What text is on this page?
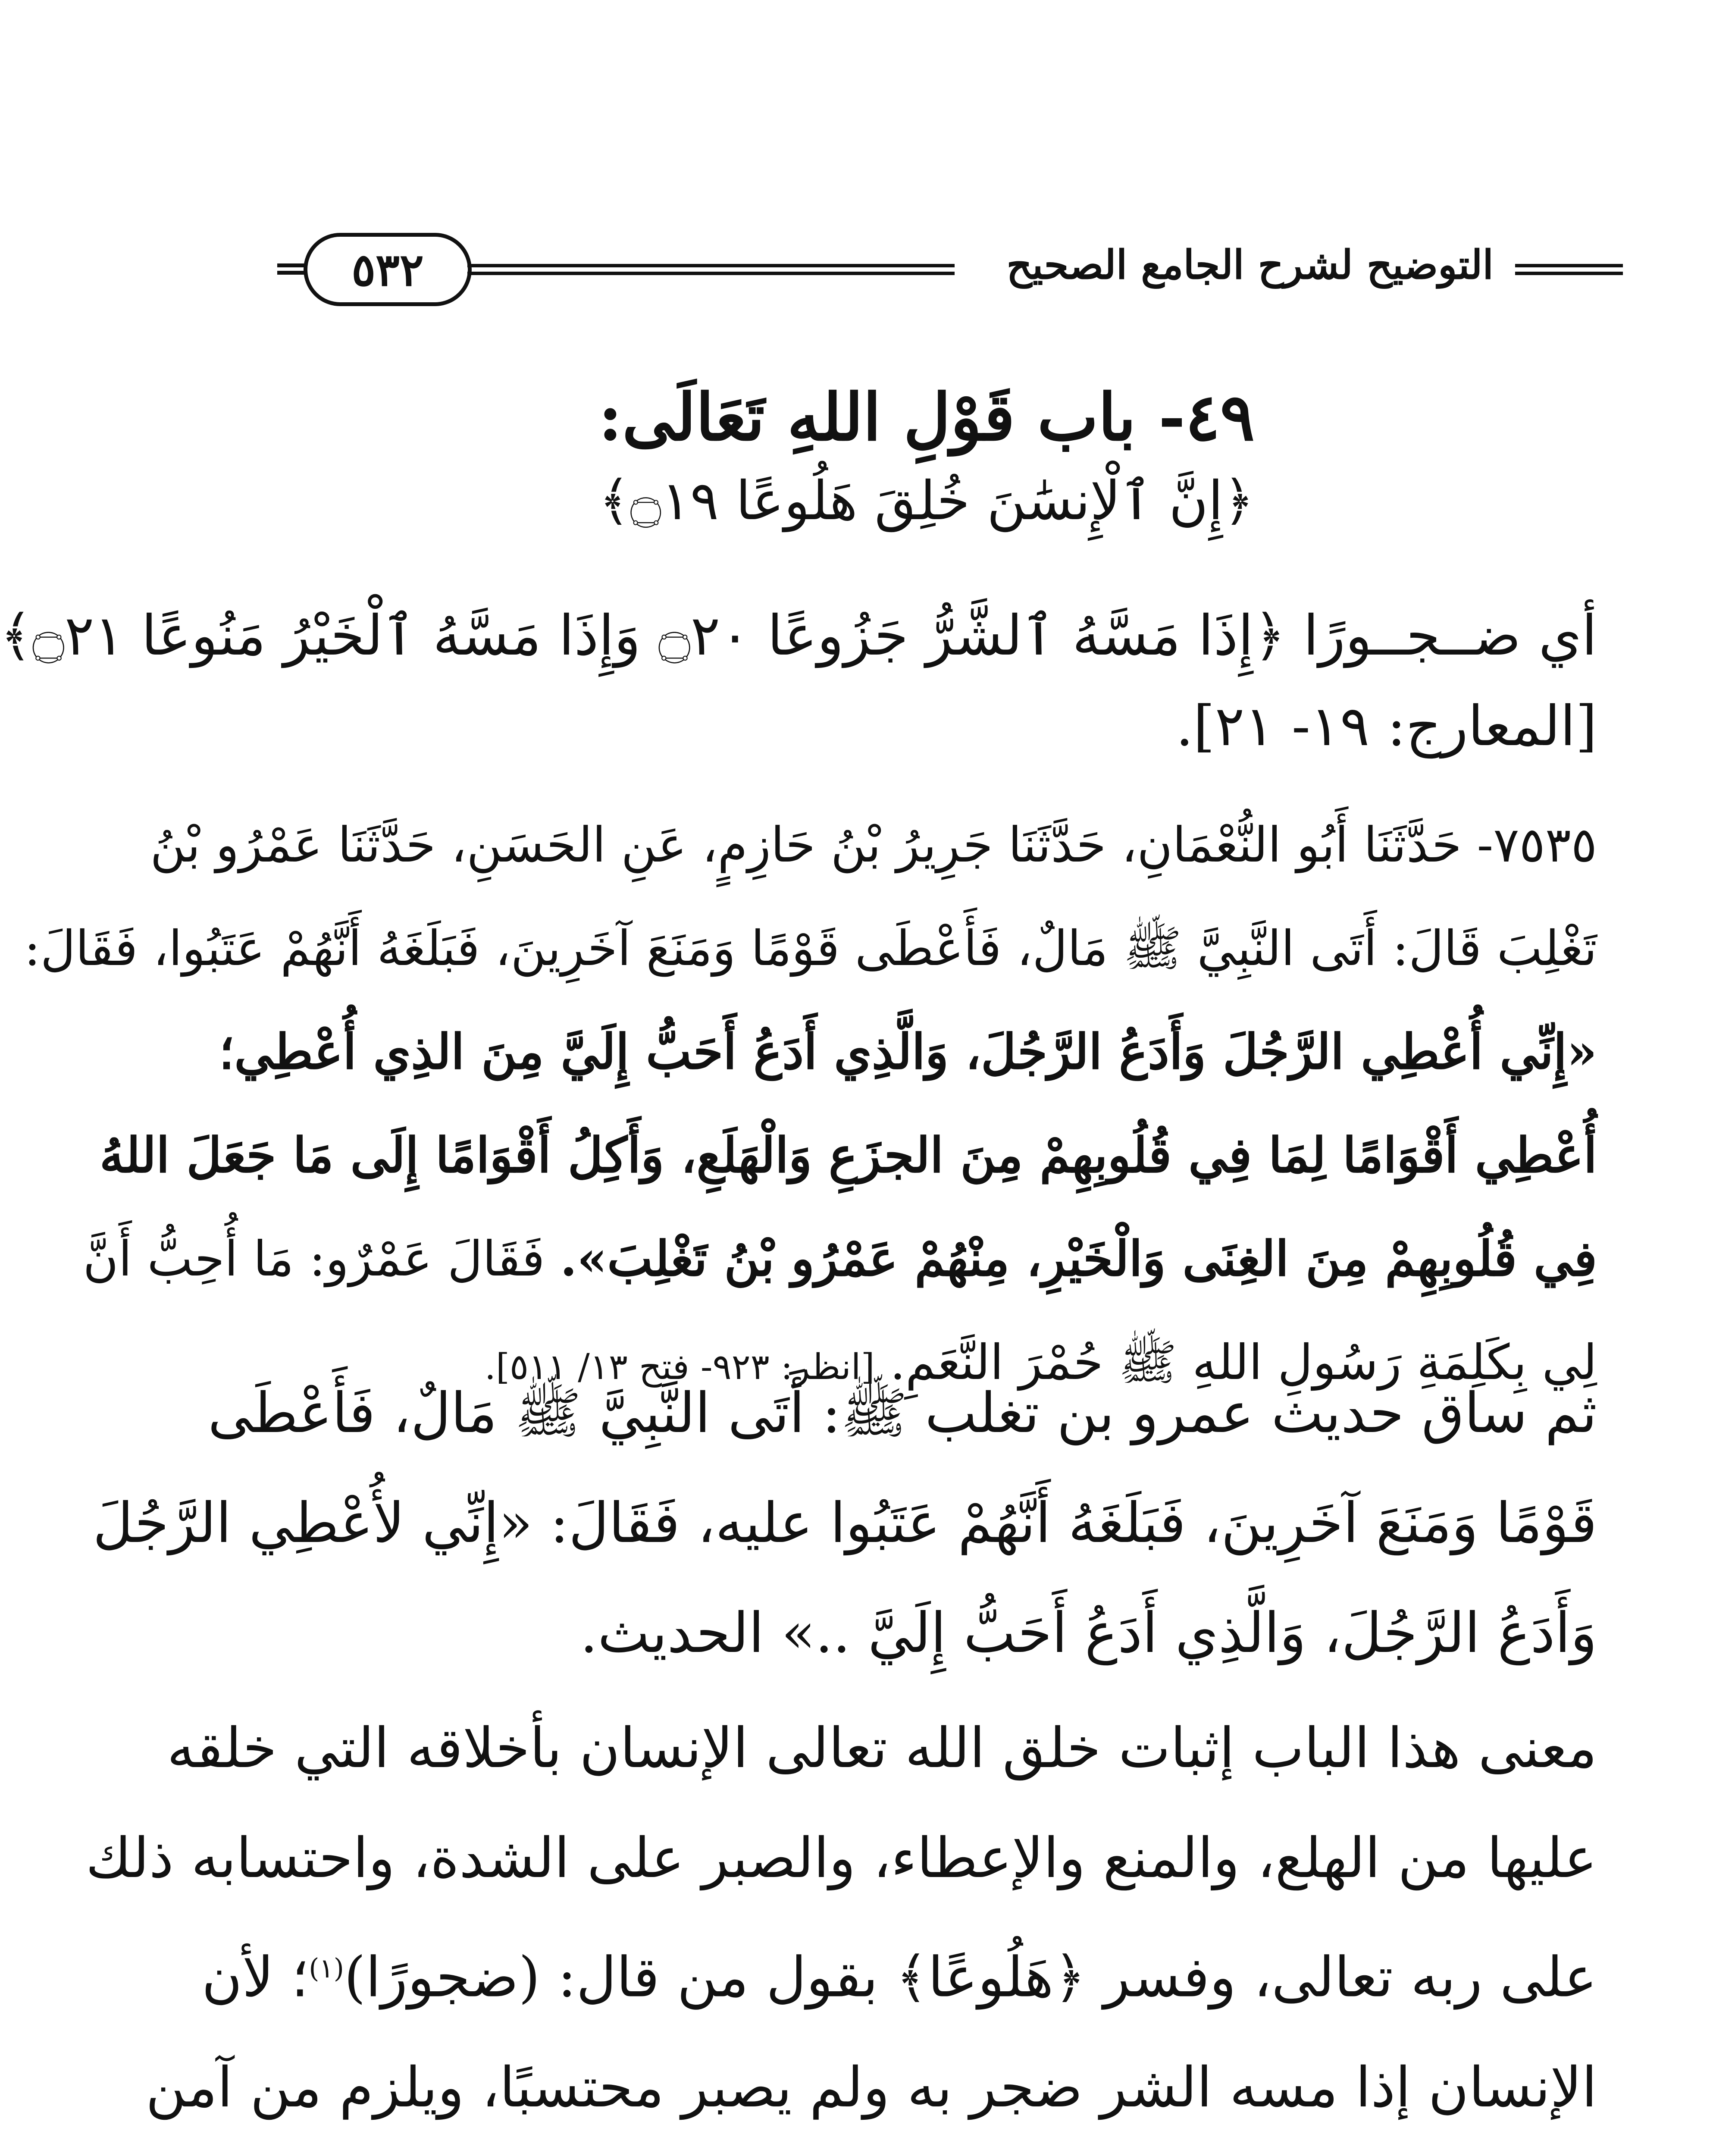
٥٣٢	التوضيح لشرح الجامع الصحيح
٤٩- باب قَوْلِ اللهِ تَعَالَى:
﴿إِنَّ ٱلْإِنسَٰنَ خُلِقَ هَلُوعًا ۝١٩﴾
أي ضــجــورًا ﴿إِذَا مَسَّهُ ٱلشَّرُّ جَزُوعًا ۝٢٠ وَإِذَا مَسَّهُ ٱلْخَيْرُ مَنُوعًا ۝٢١﴾
[المعارج: ١٩- ٢١].
٧٥٣٥- حَدَّثَنَا أَبُو النُّعْمَانِ، حَدَّثَنَا جَرِيرُ بْنُ حَازِمٍ، عَنِ الحَسَنِ، حَدَّثَنَا عَمْرُو بْنُ
تَغْلِبَ قَالَ: أَتَى النَّبِيَّ ﷺ مَالٌ، فَأَعْطَى قَوْمًا وَمَنَعَ آخَرِينَ، فَبَلَغَهُ أَنَّهُمْ عَتَبُوا، فَقَالَ:
«إِنِّي أُعْطِي الرَّجُلَ وَأَدَعُ الرَّجُلَ، وَالَّذِي أَدَعُ أَحَبُّ إِلَيَّ مِنَ الذِي أُعْطِي؛
أُعْطِي أَقْوَامًا لِمَا فِي قُلُوبِهِمْ مِنَ الجزَعِ وَالْهَلَعِ، وَأَكِلُ أَقْوَامًا إِلَى مَا جَعَلَ اللهُ
فِي قُلُوبِهِمْ مِنَ الغِنَى وَالْخَيْرِ، مِنْهُمْ عَمْرُو بْنُ تَغْلِبَ». فَقَالَ عَمْرٌو: مَا أُحِبُّ أَنَّ
لِي بِكَلِمَةِ رَسُولِ اللهِ ﷺ حُمْرَ النَّعَمِ. [انظر: ٩٢٣- فتح ١٣/ ٥١١].
ثم ساق حديث عمرو بن تغلب ﷺ: أَتَى النَّبِيَّ ﷺ مَالٌ، فَأَعْطَى
قَوْمًا وَمَنَعَ آخَرِينَ، فَبَلَغَهُ أَنَّهُمْ عَتَبُوا عليه، فَقَالَ: «إِنِّي لأُعْطِي الرَّجُلَ
وَأَدَعُ الرَّجُلَ، وَالَّذِي أَدَعُ أَحَبُّ إِلَيَّ ..» الحديث.
معنى هذا الباب إثبات خلق الله تعالى الإنسان بأخلاقه التي خلقه
عليها من الهلع، والمنع والإعطاء، والصبر على الشدة، واحتسابه ذلك
على ربه تعالى، وفسر ﴿هَلُوعًا﴾ بقول من قال: (ضجورًا)$^{(١)}$؛ لأن
الإنسان إذا مسه الشر ضجر به ولم يصبر محتسبًا، ويلزم من آمن
